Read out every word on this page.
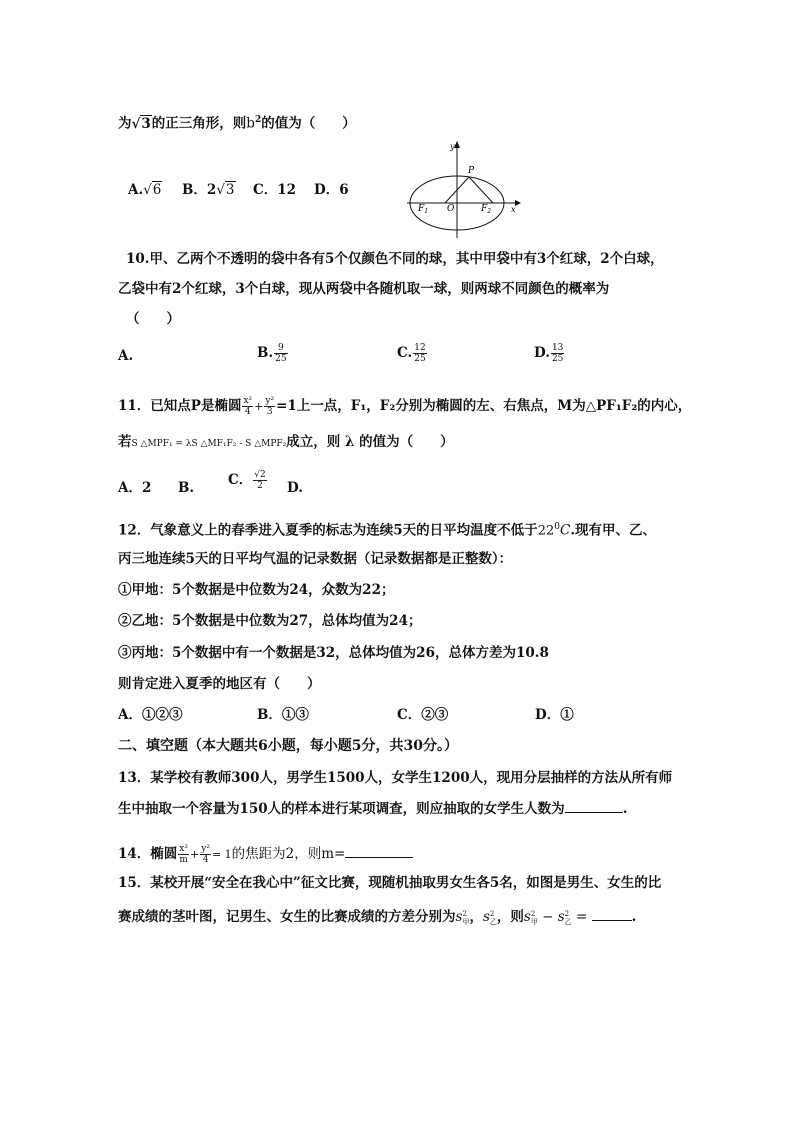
为√3的正三角形，则$b^2$的值为（　　）
A.√6 B．2√3 C．12 D．6
y
P
$F_1$ O	$F_2$ x
10.甲、乙两个不透明的袋中各有5个仅颜色不同的球，其中甲袋中有3个红球，2个白球，
乙袋中有2个红球，3个白球，现从两袋中各随机取一球，则两球不同颜色的概率为
（　　）
A.	B. $\frac{9}{25}$	C. $\frac{12}{25}$	D. $\frac{13}{25}$
11．已知点P是椭圆 $\frac{\text{x²}}{4} + \frac{\text{y²}}{3} =1$上一点，F₁，F₂分别为椭圆的左、右焦点，M为△PF₁F₂的内心，
若S △MPF₁ = λS △MF₁F₂ - S △MPF₂成立，则 λ 的值为（　　）
A．2 B.	C． $\frac{√2}{2} D$.
12．气象意义上的春季进入夏季的标志为连续5天的日平均温度不低于$22^0C$.现有甲、乙、
丙三地连续5天的日平均气温的记录数据（记录数据都是正整数）：
①甲地：5个数据是中位数为24，众数为22；
②乙地：5个数据是中位数为27，总体均值为24；
③丙地：5个数据中有一个数据是32，总体均值为26，总体方差为10.8
则肯定进入夏季的地区有（　　）
A．①②③	B．①③	C．②③	D．①
二、填空题（本大题共6小题，每小题5分，共30分。）
13．某学校有教师300人，男学生1500人，女学生1200人，现用分层抽样的方法从所有师
生中抽取一个容量为150人的样本进行某项调查，则应抽取的女学生人数为	.
14．椭圆 $\frac{\text{x²}}{m} + \frac{\text{y²}}{4} = 1$的焦距为2，则m=
15．某校开展“安全在我心中”征文比赛，现随机抽取男女生各5名，如图是男生、女生的比
赛成绩的茎叶图，记男生、女生的比赛成绩的方差分别为s 2
甲 ，s 2
乙 ，则s 2
甲 − s 2
乙 =	.
